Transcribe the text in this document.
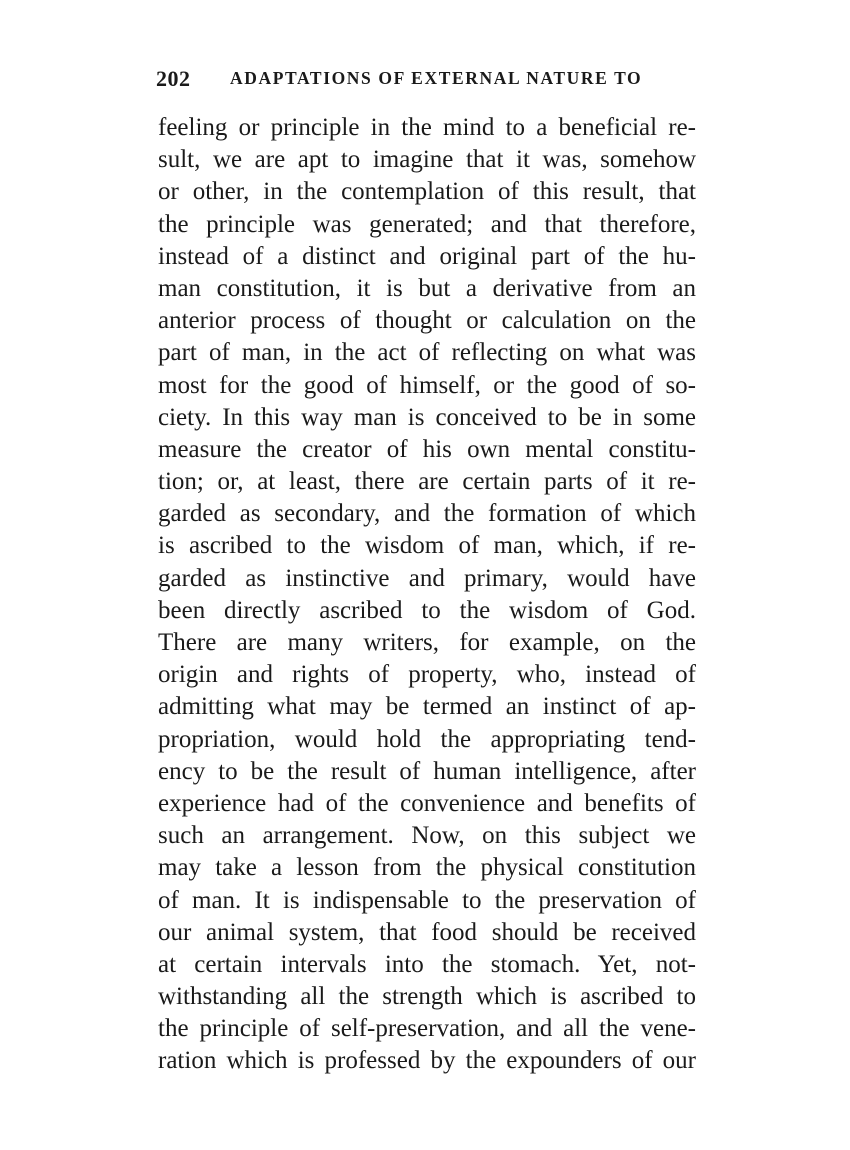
202 ADAPTATIONS OF EXTERNAL NATURE TO
feeling or principle in the mind to a beneficial re-
sult, we are apt to imagine that it was, somehow
or other, in the contemplation of this result, that
the principle was generated; and that therefore,
instead of a distinct and original part of the hu-
man constitution, it is but a derivative from an
anterior process of thought or calculation on the
part of man, in the act of reflecting on what was
most for the good of himself, or the good of so-
ciety. In this way man is conceived to be in some
measure the creator of his own mental constitu-
tion; or, at least, there are certain parts of it re-
garded as secondary, and the formation of which
is ascribed to the wisdom of man, which, if re-
garded as instinctive and primary, would have
been directly ascribed to the wisdom of God.
There are many writers, for example, on the
origin and rights of property, who, instead of
admitting what may be termed an instinct of ap-
propriation, would hold the appropriating tend-
ency to be the result of human intelligence, after
experience had of the convenience and benefits of
such an arrangement. Now, on this subject we
may take a lesson from the physical constitution
of man. It is indispensable to the preservation of
our animal system, that food should be received
at certain intervals into the stomach. Yet, not-
withstanding all the strength which is ascribed to
the principle of self-preservation, and all the vene-
ration which is professed by the expounders of our
